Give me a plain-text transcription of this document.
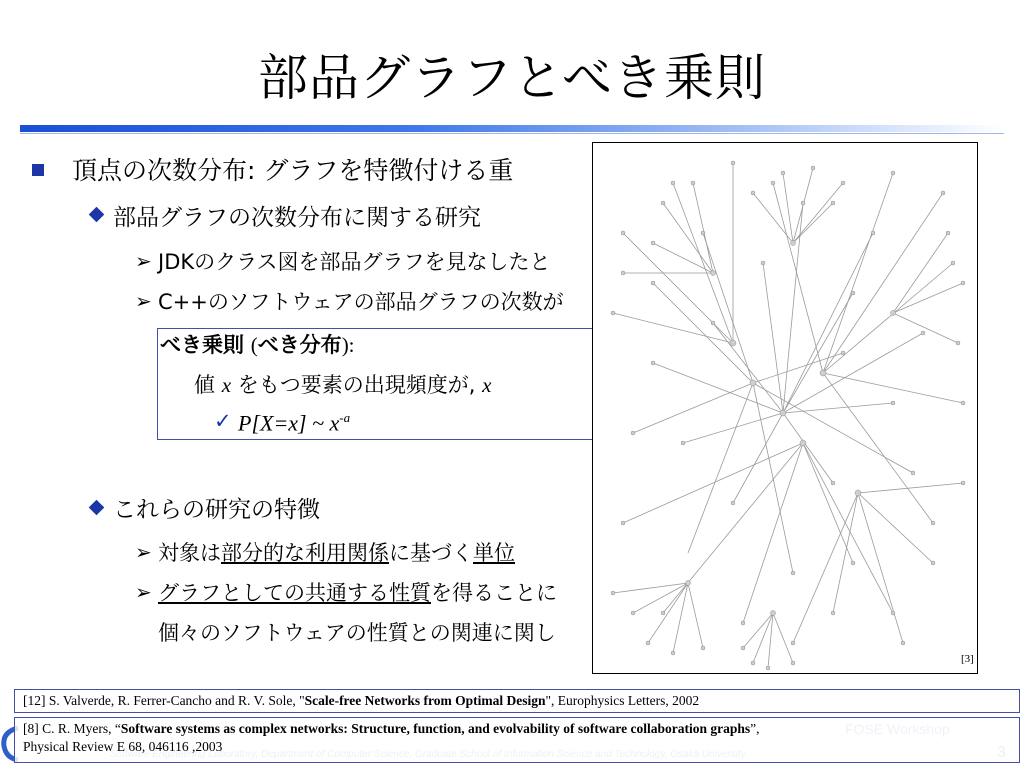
部品グラフとべき乗則
頂点の次数分布: グラフを特徴付ける重
部品グラフの次数分布に関する研究
➢ JDKのクラス図を部品グラフを見なしたと
➢ C++のソフトウェアの部品グラフの次数が
べき乗則 (べき分布):
値 x をもつ要素の出現頻度が, x
✓ P[X=x] ~ $x^{-a}$
これらの研究の特徴
➢ 対象は部分的な利用関係に基づく単位
➢ グラフとしての共通する性質を得ることに
個々のソフトウェアの性質との関連に関し
[3]
[12] S. Valverde, R. Ferrer-Cancho and R. V. Sole, "Scale-free Networks from Optimal Design", Europhysics Letters, 2002
[8] C. R. Myers, “Software systems as complex networks: Structure, function, and evolvability of software collaboration graphs”,
Physical Review E 68, 046116 ,2003
